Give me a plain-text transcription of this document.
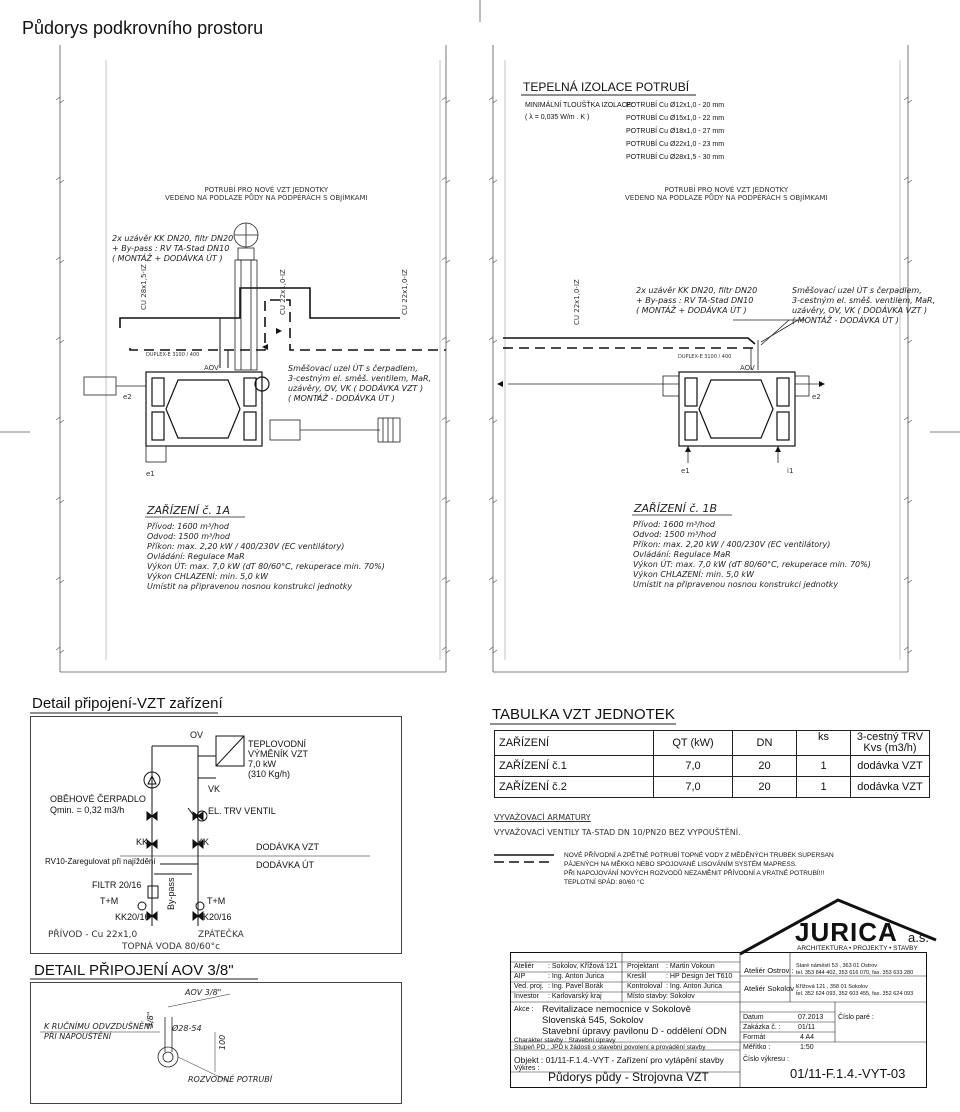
Půdorys podkrovního prostoru
POTRUBÍ PRO NOVÉ VZT JEDNOTKY
VEDENO NA PODLAZE PŮDY NA PODPĚRÁCH S OBJÍMKAMI
2x uzávěr KK DN20, filtr DN20
+ By-pass : RV TA-Stad DN10
( MONTÁŽ + DODÁVKA ÚT )
CU 28x1,5-IZ	CU 22x1,0-IZ	CU 22x1,0-IZ
DUPLEX-E 3100 / 400
AOV	Směšovací uzel ÚT s čerpadlem,
3-cestným el. směš. ventilem, MaR,
uzávěry, OV, VK ( DODÁVKA VZT )
( MONTÁŽ - DODÁVKA ÚT )
e2
e1
ZAŘÍZENÍ č. 1A
Přívod: 1600 m³/hod
Odvod: 1500 m³/hod
Příkon: max. 2,20 kW / 400/230V (EC ventilátory)
Ovládání: Regulace MaR
Výkon ÚT: max. 7,0 kW (dT 80/60°C, rekuperace min. 70%)
Výkon CHLAZENÍ: min. 5,0 kW
Umístit na připravenou nosnou konstrukci jednotky
TEPELNÁ IZOLACE POTRUBÍ
MINIMÁLNÍ TLOUŠŤKA IZOLACE:
( λ = 0,035 W/m . K )
POTRUBÍ Cu Ø12x1,0 - 20 mm
POTRUBÍ Cu Ø15x1,0 - 22 mm
POTRUBÍ Cu Ø18x1,0 - 27 mm
POTRUBÍ Cu Ø22x1,0 - 23 mm
POTRUBÍ Cu Ø28x1,5 - 30 mm
POTRUBÍ PRO NOVÉ VZT JEDNOTKY
VEDENO NA PODLAZE PŮDY NA PODPĚRÁCH S OBJÍMKAMI
2x uzávěr KK DN20, filtr DN20
+ By-pass : RV TA-Stad DN10
( MONTÁŽ + DODÁVKA ÚT )
Směšovací uzel ÚT s čerpadlem,
3-cestným el. směš. ventilem, MaR,
uzávěry, OV, VK ( DODÁVKA VZT )
( MONTÁŽ - DODÁVKA ÚT )
CU 22x1,0-IZ
DUPLEX-E 3100 / 400
AOV
e2
e1	i1
ZAŘÍZENÍ č. 1B
Přívod: 1600 m³/hod
Odvod: 1500 m³/hod
Příkon: max. 2,20 kW / 400/230V (EC ventilátory)
Ovládání: Regulace MaR
Výkon ÚT: max. 7,0 kW (dT 80/60°C, rekuperace min. 70%)
Výkon CHLAZENÍ: min. 5,0 kW
Umístit na připravenou nosnou konstrukci jednotky
Detail připojení-VZT zařízení
OV
TEPLOVODNÍ
VÝMĚNÍK VZT
7,0 kW
(310 Kg/h)
VK
OBĚHOVÉ ČERPADLO
Qmin. = 0,32 m3/h	EL. TRV VENTIL
KK	KK	DODÁVKA VZT
DODÁVKA ÚT
RV10-Zaregulovat při najíždění
FILTR 20/16
T+M	T+M
By-pass
KK20/16	KK20/16
PŘÍVOD - Cu 22x1,0	ZPÁTEČKA
TOPNÁ VODA 80/60°c
DETAIL PŘIPOJENÍ AOV 3/8"
AOV 3/8"
K RUČNÍMU ODVZDUŠNĚNÍ
PŘI NAPOUŠTĚNÍ
3/8"
Ø28-54
100
ROZVODNÉ POTRUBÍ
TABULKA VZT JEDNOTEK
ZAŘÍZENÍ	QT (kW)	DN	ks	3-cestný TRV
Kvs (m3/h)
ZAŘÍZENÍ č.1	7,0	20	1	dodávka VZT
ZAŘÍZENÍ č.2	7,0	20	1	dodávka VZT
VYVAŽOVACÍ ARMATURY
VYVAŽOVACÍ VENTILY TA-STAD DN 10/PN20 BEZ VYPOUŠTĚNÍ.
NOVÉ PŘÍVODNÍ A ZPĚTNÉ POTRUBÍ TOPNÉ VODY Z MĚDĚNÝCH TRUBEK SUPERSAN
PÁJENÝCH NA MĚKKO NEBO SPOJOVANÉ LISOVÁNÍM SYSTÉM MAPRESS.
PŘI NAPOJOVÁNÍ NOVÝCH ROZVODŮ NEZAMĚNIT PŘÍVODNÍ A VRATNÉ POTRUBÍ!!!
TEPLOTNÍ SPÁD: 80/60 °C
JURICA a.s.
ARCHITEKTURA • PROJEKTY • STAVBY
Ateliér : Sokolov, Křížová 121 Projektant : Martin Vokoun
AIP	: Ing. Anton Jurica	Kreslil	: HP Design Jet T610
Ved. proj. : Ing. Pavel Borák	Kontroloval : Ing. Anton Jurica
Investor : Karlovarský kraj	Místo stavby : Sokolov
Akce : Revitalizace nemocnice v Sokolově
Slovenská 545, Sokolov
Stavební úpravy pavilonu D - oddělení ODN
Charakter stavby : Stavební úpravy
Stupeň PD : JPD k žádosti o stavební povolení a provádění stavby
Objekt : 01/11-F.1.4.-VYT - Zařízení pro vytápění stavby
Výkres :
Půdorys půdy - Strojovna VZT
Ateliér Ostrov : Staré náměstí 53 , 363 01 Ostrov
tel. 353 844 402, 353 616 070, fax. 353 633 280
Ateliér Sokolov :
Křížová 121 , 358 01 Sokolov
tel. 352 624 093, 352 603 455, fax. 352 624 093
Datum	07.2013
Zakázka č. : 01/11
Formát	4 A4
Měřítko :	1:50
Číslo paré :
Číslo výkresu :
01/11-F.1.4.-VYT-03
